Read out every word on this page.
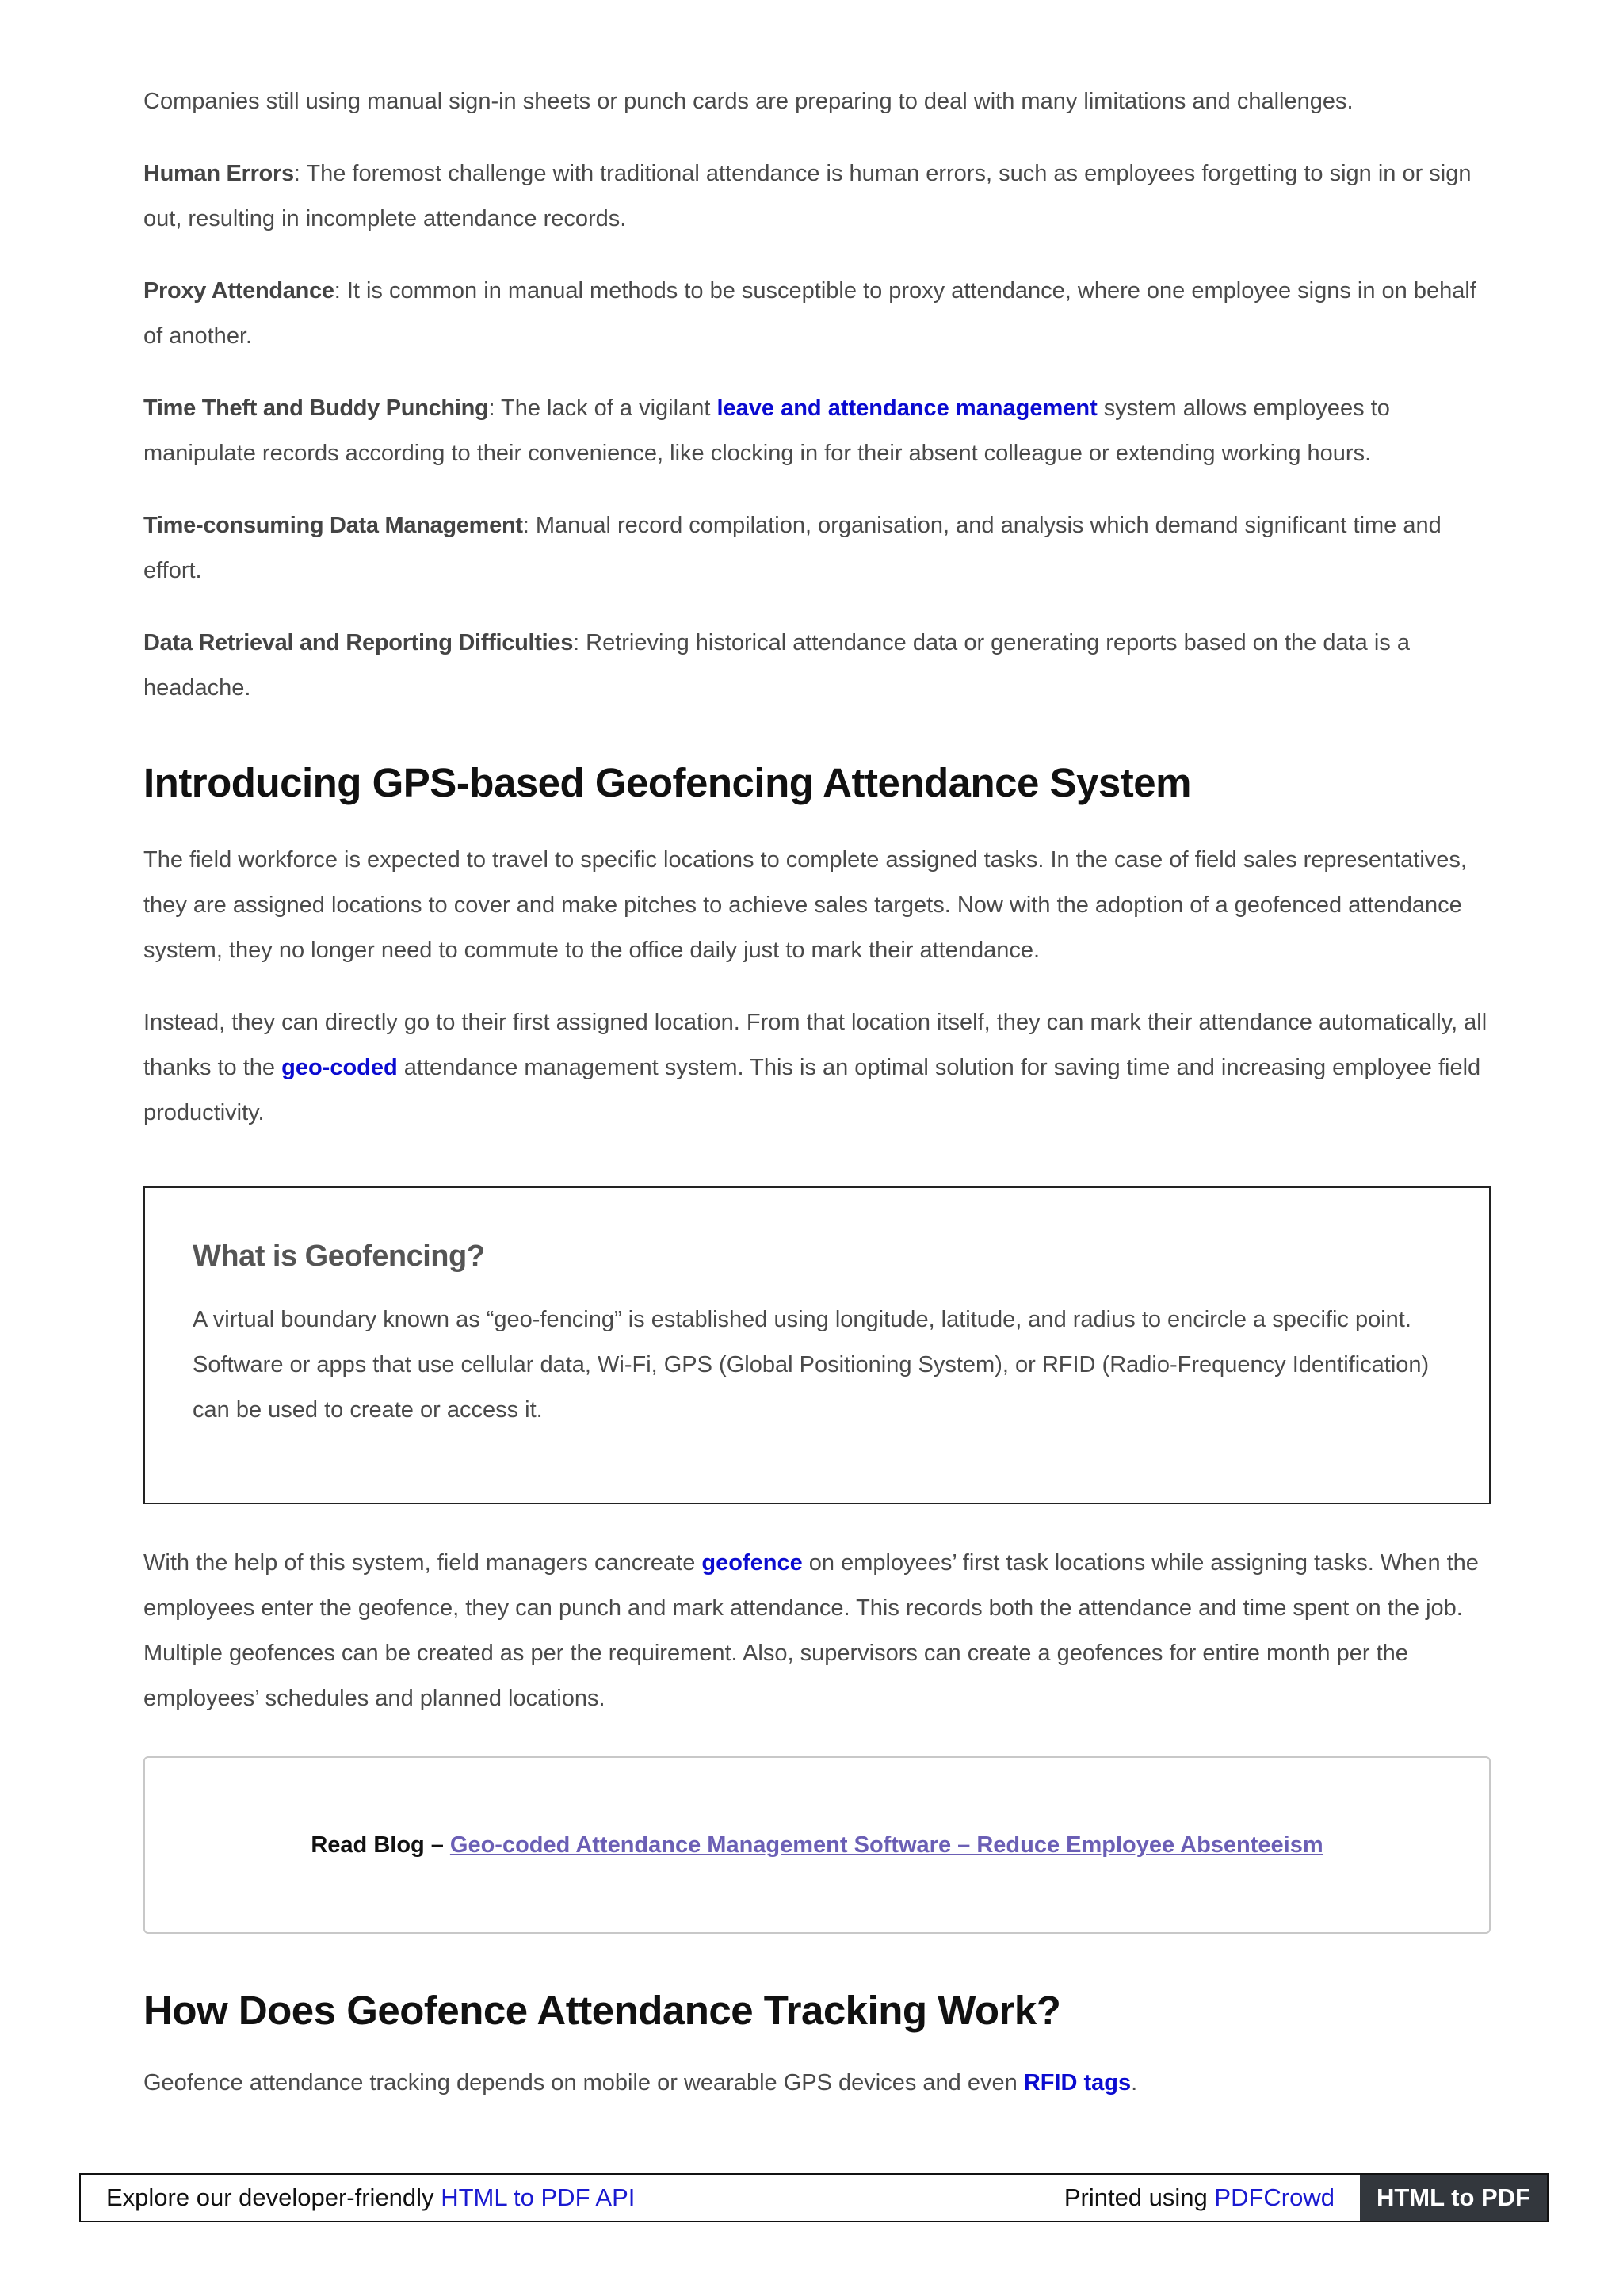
Companies still using manual sign-in sheets or punch cards are preparing to deal with many limitations and challenges.

Human Errors: The foremost challenge with traditional attendance is human errors, such as employees forgetting to sign in or sign out, resulting in incomplete attendance records.

Proxy Attendance: It is common in manual methods to be susceptible to proxy attendance, where one employee signs in on behalf of another.

Time Theft and Buddy Punching: The lack of a vigilant leave and attendance management system allows employees to manipulate records according to their convenience, like clocking in for their absent colleague or extending working hours.

Time-consuming Data Management: Manual record compilation, organisation, and analysis which demand significant time and effort.

Data Retrieval and Reporting Difficulties: Retrieving historical attendance data or generating reports based on the data is a headache.

Introducing GPS-based Geofencing Attendance System

The field workforce is expected to travel to specific locations to complete assigned tasks. In the case of field sales representatives, they are assigned locations to cover and make pitches to achieve sales targets. Now with the adoption of a geofenced attendance system, they no longer need to commute to the office daily just to mark their attendance.

Instead, they can directly go to their first assigned location. From that location itself, they can mark their attendance automatically, all thanks to the geo-coded attendance management system. This is an optimal solution for saving time and increasing employee field productivity.

What is Geofencing?

A virtual boundary known as “geo-fencing” is established using longitude, latitude, and radius to encircle a specific point. Software or apps that use cellular data, Wi-Fi, GPS (Global Positioning System), or RFID (Radio-Frequency Identification) can be used to create or access it.

With the help of this system, field managers cancreate geofence on employees’ first task locations while assigning tasks. When the employees enter the geofence, they can punch and mark attendance. This records both the attendance and time spent on the job. Multiple geofences can be created as per the requirement. Also, supervisors can create a geofences for entire month per the employees’ schedules and planned locations.

Read Blog – Geo-coded Attendance Management Software – Reduce Employee Absenteeism
How Does Geofence Attendance Tracking Work?

Geofence attendance tracking depends on mobile or wearable GPS devices and even RFID tags.

Explore our developer-friendly
HTML to PDF API	Printed using
PDFCrowd	HTML to PDF
